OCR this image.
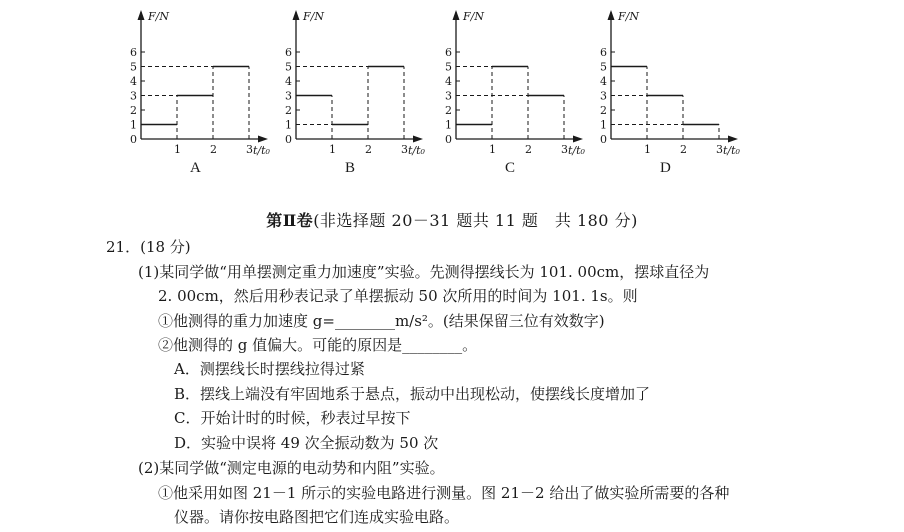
F/N
t/t₀
0
1
2
3
4
5
6
1	2	3
A
F/N
t/t₀
0
1
2
3
4
5
6
1	2	3
B
F/N
t/t₀
0
1
2
3
4
5
6
1	2	3
C
F/N
t/t₀
0
1
2
3
4
5
6
1	2	3
D
第Ⅱ卷(非选择题 20－31 题共 11 题　共 180 分)
21．(18 分)
(1)某同学做“用单摆测定重力加速度”实验。先测得摆线长为 101. 00cm，摆球直径为
2. 00cm，然后用秒表记录了单摆振动 50 次所用的时间为 101. 1s。则
①他测得的重力加速度 g=________m/s²。(结果保留三位有效数字)
②他测得的 g 值偏大。可能的原因是________。
A．测摆线长时摆线拉得过紧
B．摆线上端没有牢固地系于悬点，振动中出现松动，使摆线长度增加了
C．开始计时的时候，秒表过早按下
D．实验中误将 49 次全振动数为 50 次
(2)某同学做“测定电源的电动势和内阻”实验。
①他采用如图 21－1 所示的实验电路进行测量。图 21－2 给出了做实验所需要的各种
仪器。请你按电路图把它们连成实验电路。
